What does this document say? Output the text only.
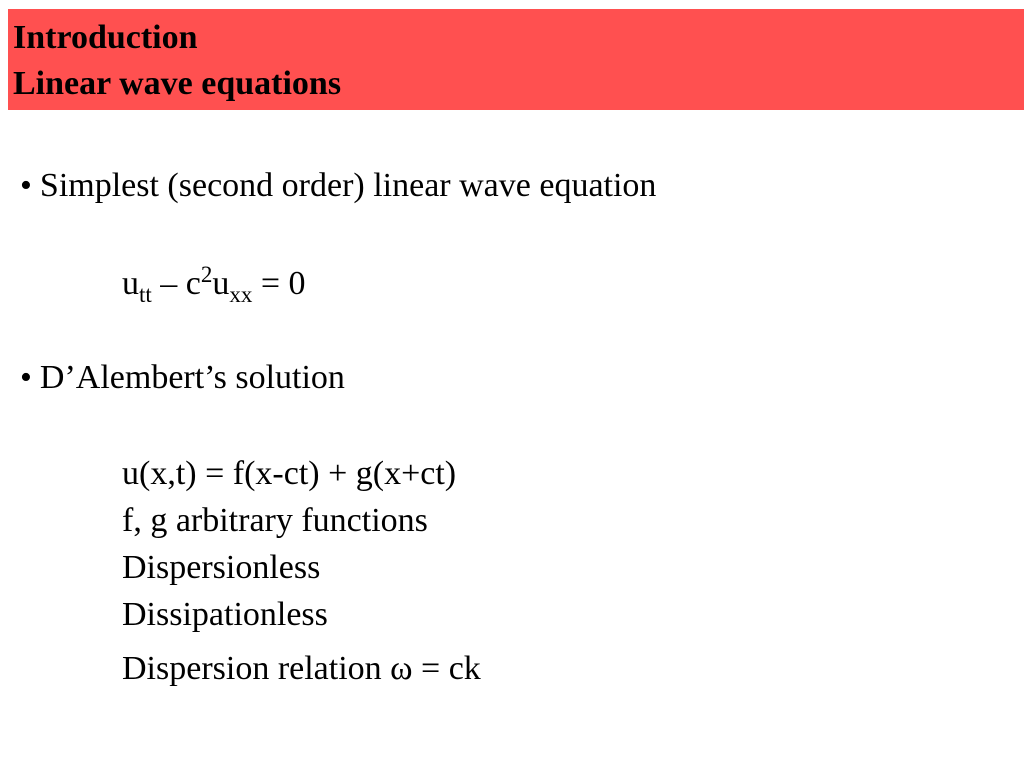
Introduction
Linear wave equations
• Simplest (second order) linear wave equation
$u_{tt} - c^2u_{xx} = 0$
• D’Alembert’s solution
u(x,t) = f(x-ct) + g(x+ct)
f, g arbitrary functions
Dispersionless
Dissipationless
Dispersion relation ω = ck
